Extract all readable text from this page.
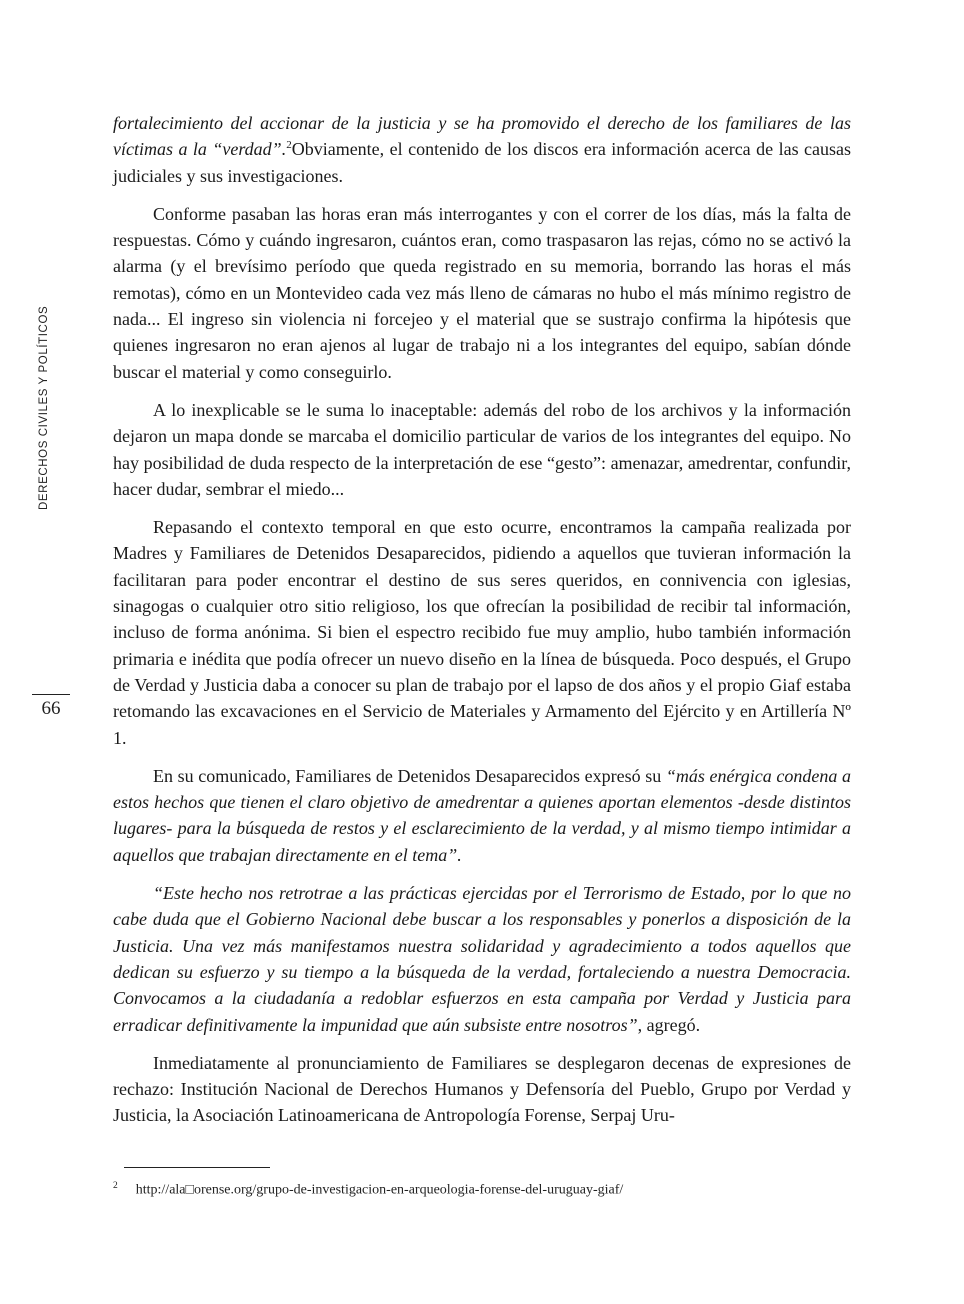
DERECHOS CIVILES Y POLÍTICOS
66

fortalecimiento del accionar de la justicia y se ha promovido el derecho de los familiares de las víctimas a la “verdad”.$^2$Obviamente, el contenido de los discos era información acerca de las causas judiciales y sus investigaciones.

Conforme pasaban las horas eran más interrogantes y con el correr de los días, más la falta de respuestas. Cómo y cuándo ingresaron, cuántos eran, como traspasaron las rejas, cómo no se activó la alarma (y el brevísimo período que queda registrado en su memoria, borrando las horas el más remotas), cómo en un Montevideo cada vez más lleno de cámaras no hubo el más mínimo registro de nada... El ingreso sin violencia ni forcejeo y el material que se sustrajo confirma la hipótesis que quienes ingresaron no eran ajenos al lugar de trabajo ni a los integrantes del equipo, sabían dónde buscar el material y como conseguirlo.

A lo inexplicable se le suma lo inaceptable: además del robo de los archivos y la información dejaron un mapa donde se marcaba el domicilio particular de varios de los integrantes del equipo. No hay posibilidad de duda respecto de la interpretación de ese “gesto”: amenazar, amedrentar, confundir, hacer dudar, sembrar el miedo...

Repasando el contexto temporal en que esto ocurre, encontramos la campaña realizada por Madres y Familiares de Detenidos Desaparecidos, pidiendo a aquellos que tuvieran información la facilitaran para poder encontrar el destino de sus seres queridos, en connivencia con iglesias, sinagogas o cualquier otro sitio religioso, los que ofrecían la posibilidad de recibir tal información, incluso de forma anónima. Si bien el espectro recibido fue muy amplio, hubo también información primaria e inédita que podía ofrecer un nuevo diseño en la línea de búsqueda. Poco después, el Grupo de Verdad y Justicia daba a conocer su plan de trabajo por el lapso de dos años y el propio Giaf estaba retomando las excavaciones en el Servicio de Materiales y Armamento del Ejército y en Artillería Nº 1.

En su comunicado, Familiares de Detenidos Desaparecidos expresó su “más enérgica condena a estos hechos que tienen el claro objetivo de amedrentar a quienes aportan elementos -desde distintos lugares- para la búsqueda de restos y el esclarecimiento de la verdad, y al mismo tiempo intimidar a aquellos que trabajan directamente en el tema”.

“Este hecho nos retrotrae a las prácticas ejercidas por el Terrorismo de Estado, por lo que no cabe duda que el Gobierno Nacional debe buscar a los responsables y ponerlos a disposición de la Justicia. Una vez más manifestamos nuestra solidaridad y agradecimiento a todos aquellos que dedican su esfuerzo y su tiempo a la búsqueda de la verdad, fortaleciendo a nuestra Democracia. Convocamos a la ciudadanía a redoblar esfuerzos en esta campaña por Verdad y Justicia para erradicar definitivamente la impunidad que aún subsiste entre nosotros”, agregó.

Inmediatamente al pronunciamiento de Familiares se desplegaron decenas de expresiones de rechazo: Institución Nacional de Derechos Humanos y Defensoría del Pueblo, Grupo por Verdad y Justicia, la Asociación Latinoamericana de Antropología Forense, Serpaj Uru-

$^2$ http://ala□orense.org/grupo-de-investigacion-en-arqueologia-forense-del-uruguay-giaf/
